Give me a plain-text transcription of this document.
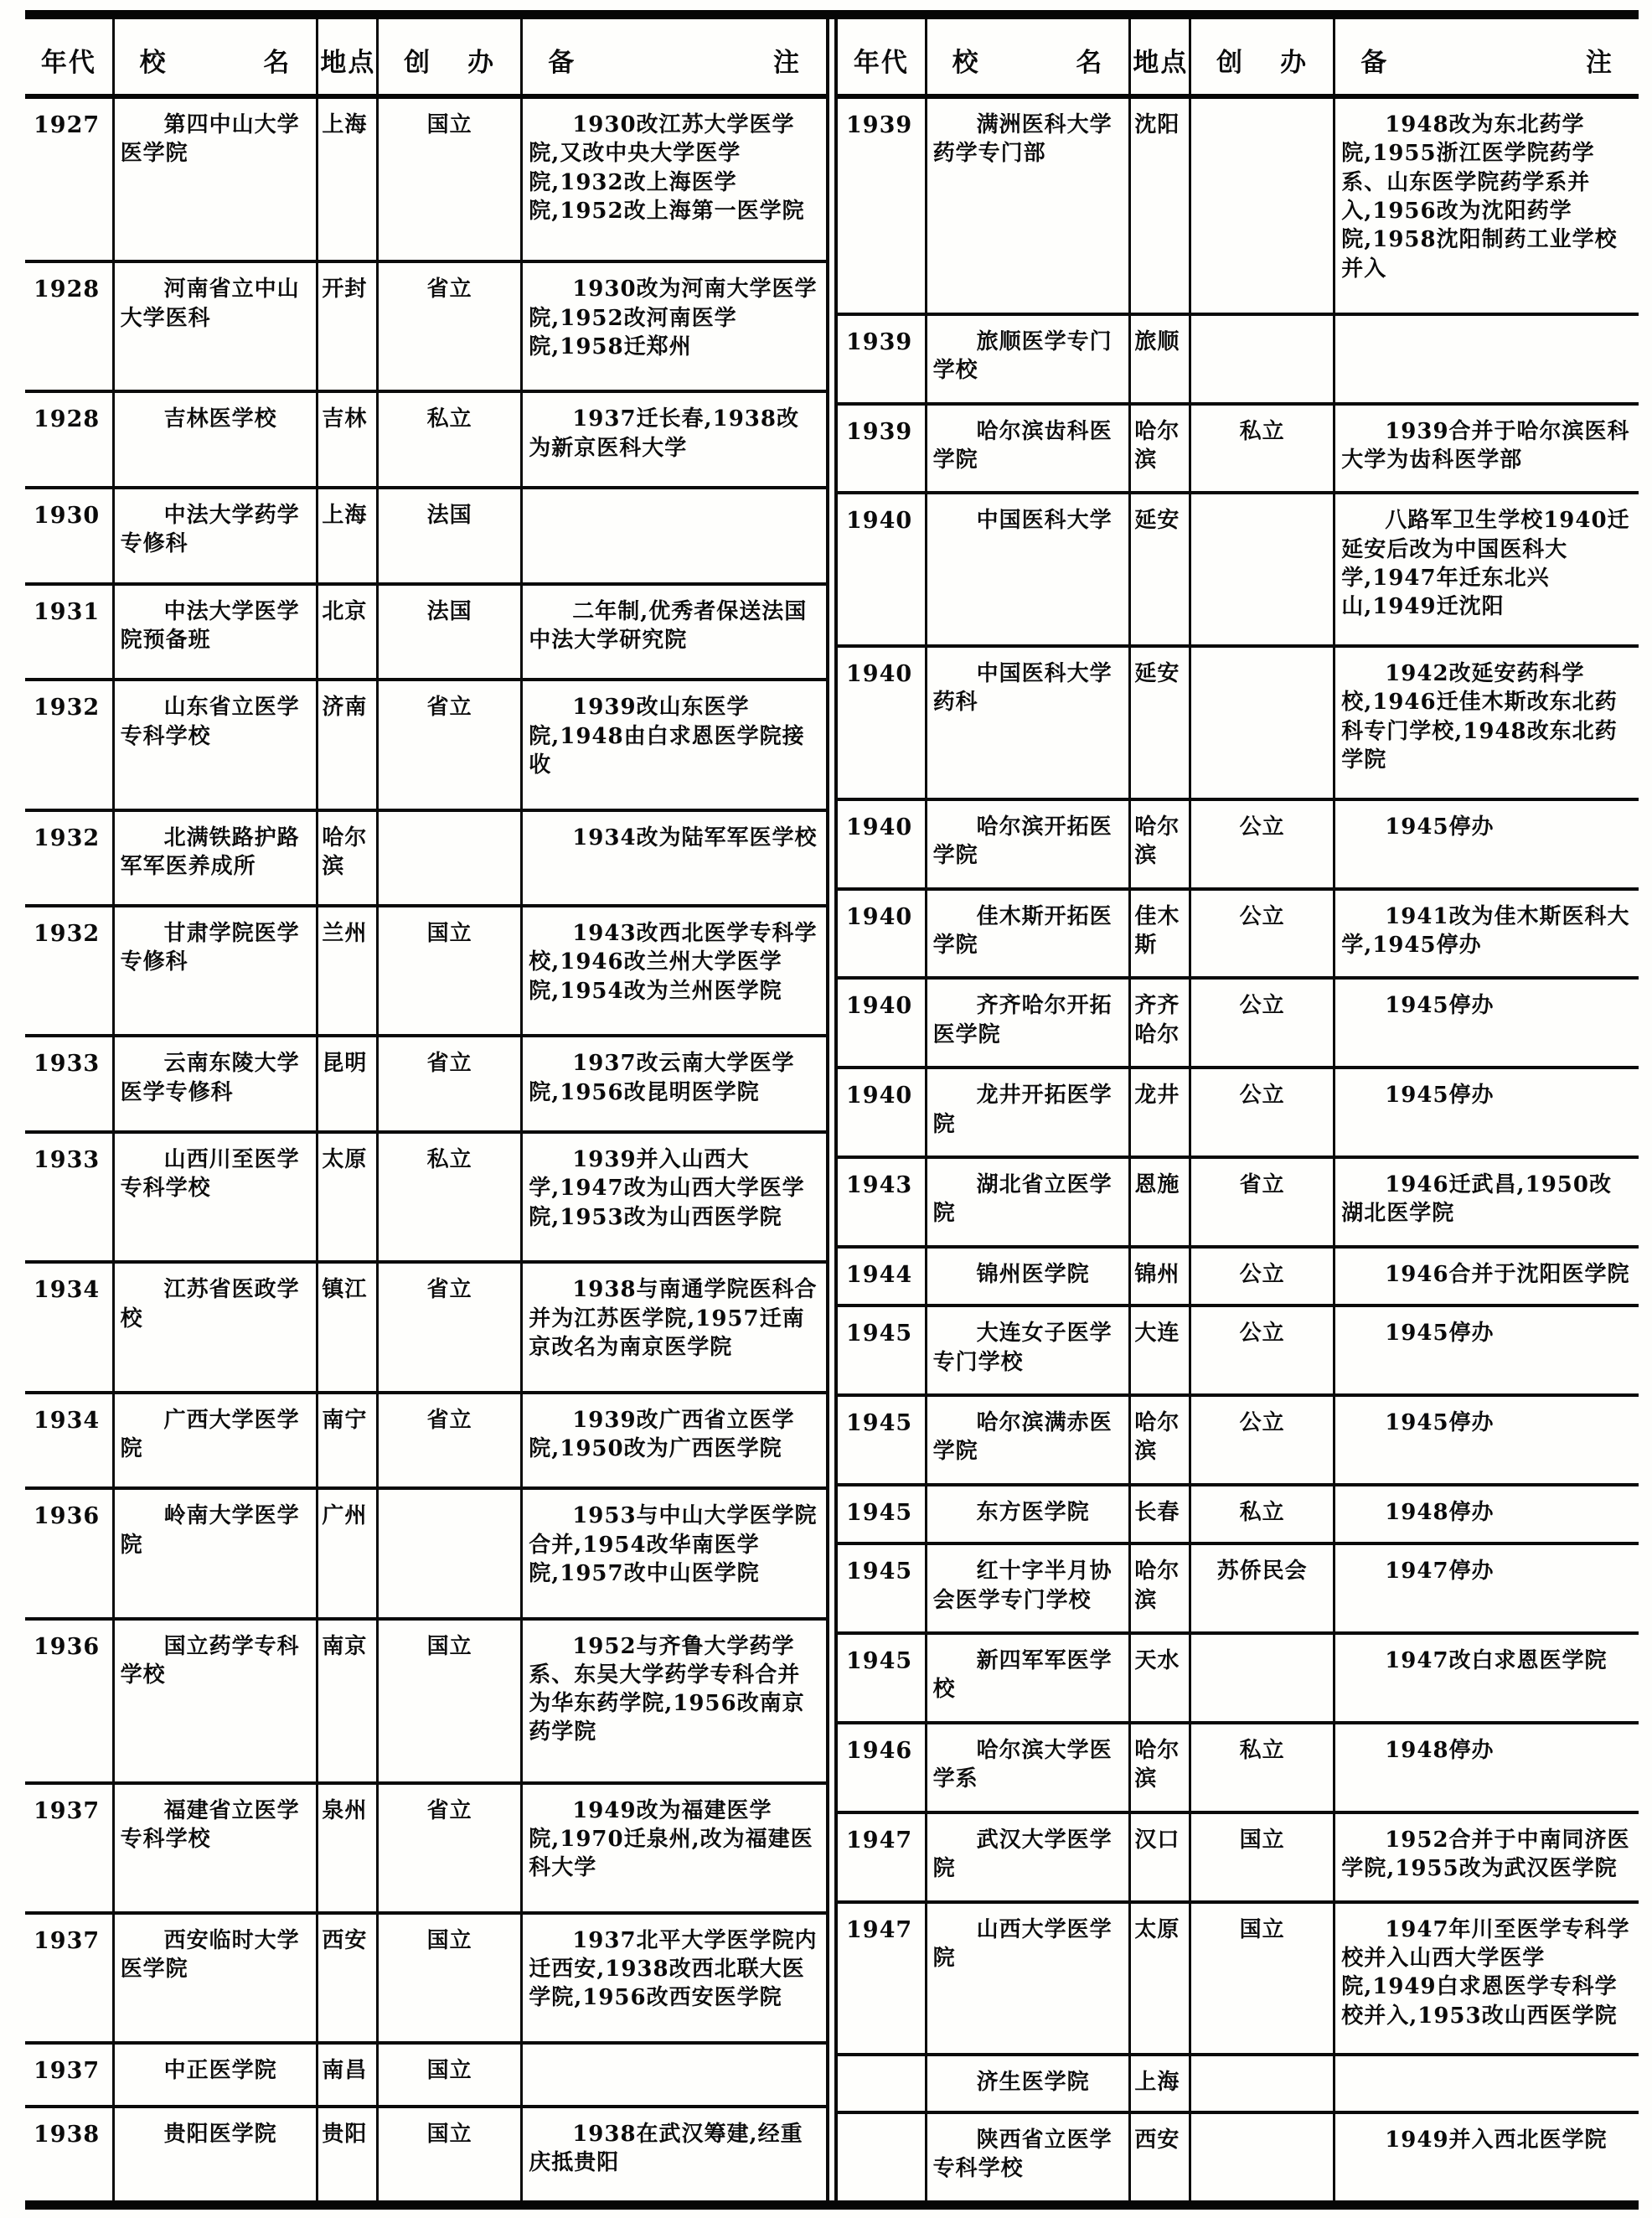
年代	校名	地点	创办	备注

1927	第四中山大学医学院	上海	国立	1930改江苏大学医学院,又改中央大学医学院,1932改上海医学院,1952改上海第一医学院

1928	河南省立中山大学医科	开封	省立	1930改为河南大学医学院,1952改河南医学院,1958迁郑州

1928	吉林医学校	吉林	私立	1937迁长春,1938改为新京医科大学

1930	中法大学药学专修科	上海	法国	

1931	中法大学医学院预备班	北京	法国	二年制,优秀者保送法国中法大学研究院

1932	山东省立医学专科学校	济南	省立	1939改山东医学院,1948由白求恩医学院接收

1932	北满铁路护路军军医养成所	哈尔滨		1934改为陆军军医学校

1932	甘肃学院医学专修科	兰州	国立	1943改西北医学专科学校,1946改兰州大学医学院,1954改为兰州医学院

1933	云南东陵大学医学专修科	昆明	省立	1937改云南大学医学院,1956改昆明医学院

1933	山西川至医学专科学校	太原	私立	1939并入山西大学,1947改为山西大学医学院,1953改为山西医学院

1934	江苏省医政学校	镇江	省立	1938与南通学院医科合并为江苏医学院,1957迁南京改名为南京医学院

1934	广西大学医学院	南宁	省立	1939改广西省立医学院,1950改为广西医学院

1936	岭南大学医学院	广州		1953与中山大学医学院合并,1954改华南医学院,1957改中山医学院

1936	国立药学专科学校	南京	国立	1952与齐鲁大学药学系、东吴大学药学专科合并为华东药学院,1956改南京药学院

1937	福建省立医学专科学校	泉州	省立	1949改为福建医学院,1970迁泉州,改为福建医科大学

1937	西安临时大学医学院	西安	国立	1937北平大学医学院内迁西安,1938改西北联大医学院,1956改西安医学院

1937	中正医学院	南昌	国立	

1938	贵阳医学院	贵阳	国立	1938在武汉筹建,经重庆抵贵阳
年代	校名	地点	创办	备注

1939	满洲医科大学药学专门部	沈阳		1948改为东北药学院,1955浙江医学院药学系、山东医学院药学系并入,1956改为沈阳药学院,1958沈阳制药工业学校并入

1939	旅顺医学专门学校	旅顺		

1939	哈尔滨齿科医学院	哈尔滨	私立	1939合并于哈尔滨医科大学为齿科医学部

1940	中国医科大学	延安		八路军卫生学校1940迁延安后改为中国医科大学,1947年迁东北兴山,1949迁沈阳

1940	中国医科大学药科	延安		1942改延安药科学校,1946迁佳木斯改东北药科专门学校,1948改东北药学院

1940	哈尔滨开拓医学院	哈尔滨	公立	1945停办

1940	佳木斯开拓医学院	佳木斯	公立	1941改为佳木斯医科大学,1945停办

1940	齐齐哈尔开拓医学院	齐齐哈尔	公立	1945停办

1940	龙井开拓医学院	龙井	公立	1945停办

1943	湖北省立医学院	恩施	省立	1946迁武昌,1950改湖北医学院

1944	锦州医学院	锦州	公立	1946合并于沈阳医学院

1945	大连女子医学专门学校	大连	公立	1945停办

1945	哈尔滨满赤医学院	哈尔滨	公立	1945停办

1945	东方医学院	长春	私立	1948停办

1945	红十字半月协会医学专门学校	哈尔滨	苏侨民会	1947停办

1945	新四军军医学校	天水		1947改白求恩医学院

1946	哈尔滨大学医学系	哈尔滨	私立	1948停办

1947	武汉大学医学院	汉口	国立	1952合并于中南同济医学院,1955改为武汉医学院

1947	山西大学医学院	太原	国立	1947年川至医学专科学校并入山西大学医学院,1949白求恩医学专科学校并入,1953改山西医学院

	济生医学院	上海		

	陕西省立医学专科学校	西安		1949并入西北医学院
